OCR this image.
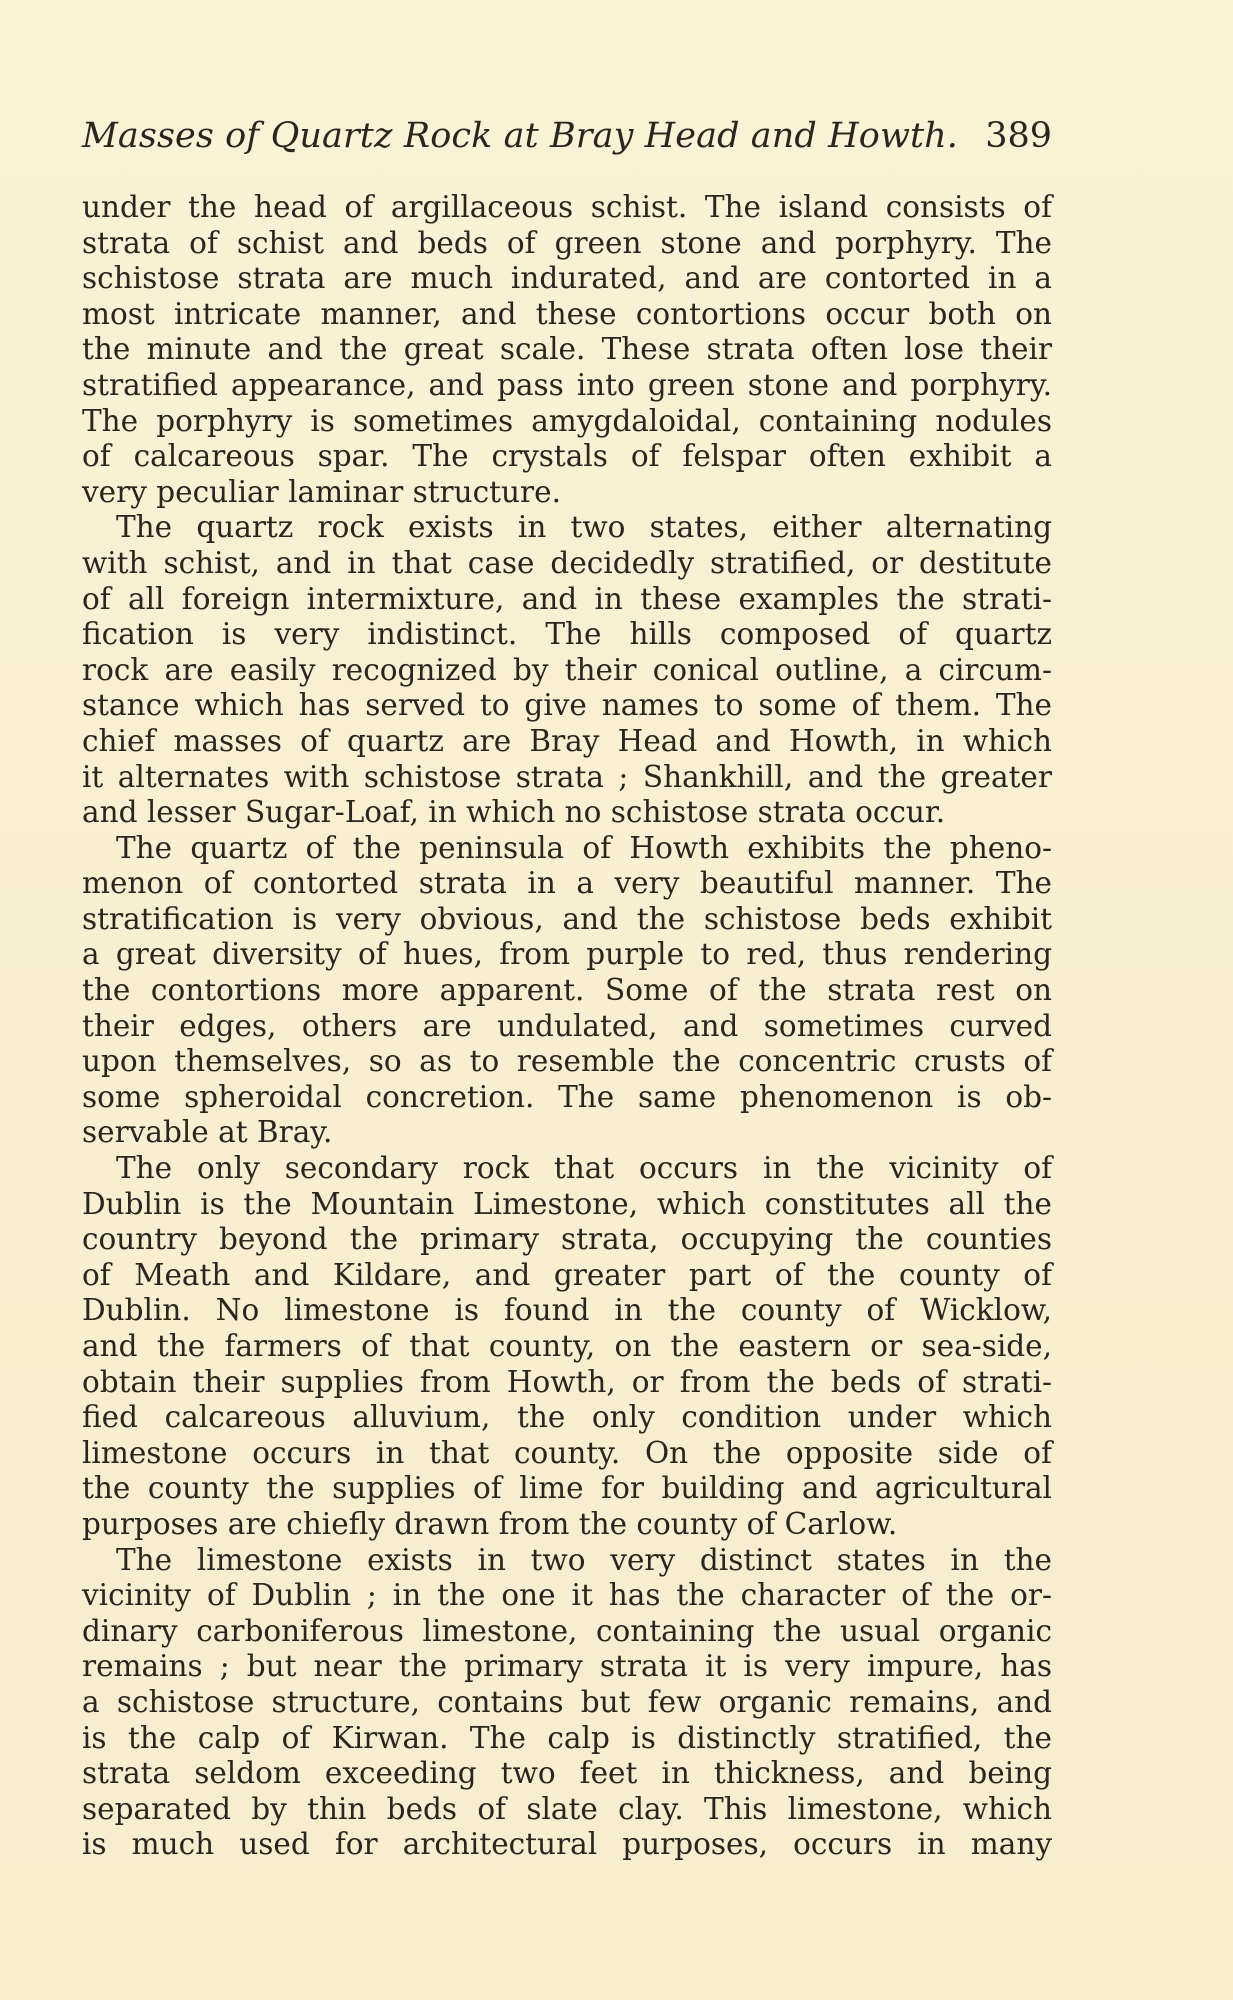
Masses of Quartz Rock at Bray Head and Howth. 389
under the head of argillaceous schist. The island consists of
strata of schist and beds of green stone and porphyry. The
schistose strata are much indurated, and are contorted in a
most intricate manner, and these contortions occur both on
the minute and the great scale. These strata often lose their
stratified appearance, and pass into green stone and porphyry.
The porphyry is sometimes amygdaloidal, containing nodules
of calcareous spar. The crystals of felspar often exhibit a
very peculiar laminar structure.
The quartz rock exists in two states, either alternating
with schist, and in that case decidedly stratified, or destitute
of all foreign intermixture, and in these examples the strati-
fication is very indistinct. The hills composed of quartz
rock are easily recognized by their conical outline, a circum-
stance which has served to give names to some of them. The
chief masses of quartz are Bray Head and Howth, in which
it alternates with schistose strata ; Shankhill, and the greater
and lesser Sugar-Loaf, in which no schistose strata occur.
The quartz of the peninsula of Howth exhibits the pheno-
menon of contorted strata in a very beautiful manner. The
stratification is very obvious, and the schistose beds exhibit
a great diversity of hues, from purple to red, thus rendering
the contortions more apparent. Some of the strata rest on
their edges, others are undulated, and sometimes curved
upon themselves, so as to resemble the concentric crusts of
some spheroidal concretion. The same phenomenon is ob-
servable at Bray.
The only secondary rock that occurs in the vicinity of
Dublin is the Mountain Limestone, which constitutes all the
country beyond the primary strata, occupying the counties
of Meath and Kildare, and greater part of the county of
Dublin. No limestone is found in the county of Wicklow,
and the farmers of that county, on the eastern or sea-side,
obtain their supplies from Howth, or from the beds of strati-
fied calcareous alluvium, the only condition under which
limestone occurs in that county. On the opposite side of
the county the supplies of lime for building and agricultural
purposes are chiefly drawn from the county of Carlow.
The limestone exists in two very distinct states in the
vicinity of Dublin ; in the one it has the character of the or-
dinary carboniferous limestone, containing the usual organic
remains ; but near the primary strata it is very impure, has
a schistose structure, contains but few organic remains, and
is the calp of Kirwan. The calp is distinctly stratified, the
strata seldom exceeding two feet in thickness, and being
separated by thin beds of slate clay. This limestone, which
is much used for architectural purposes, occurs in many
